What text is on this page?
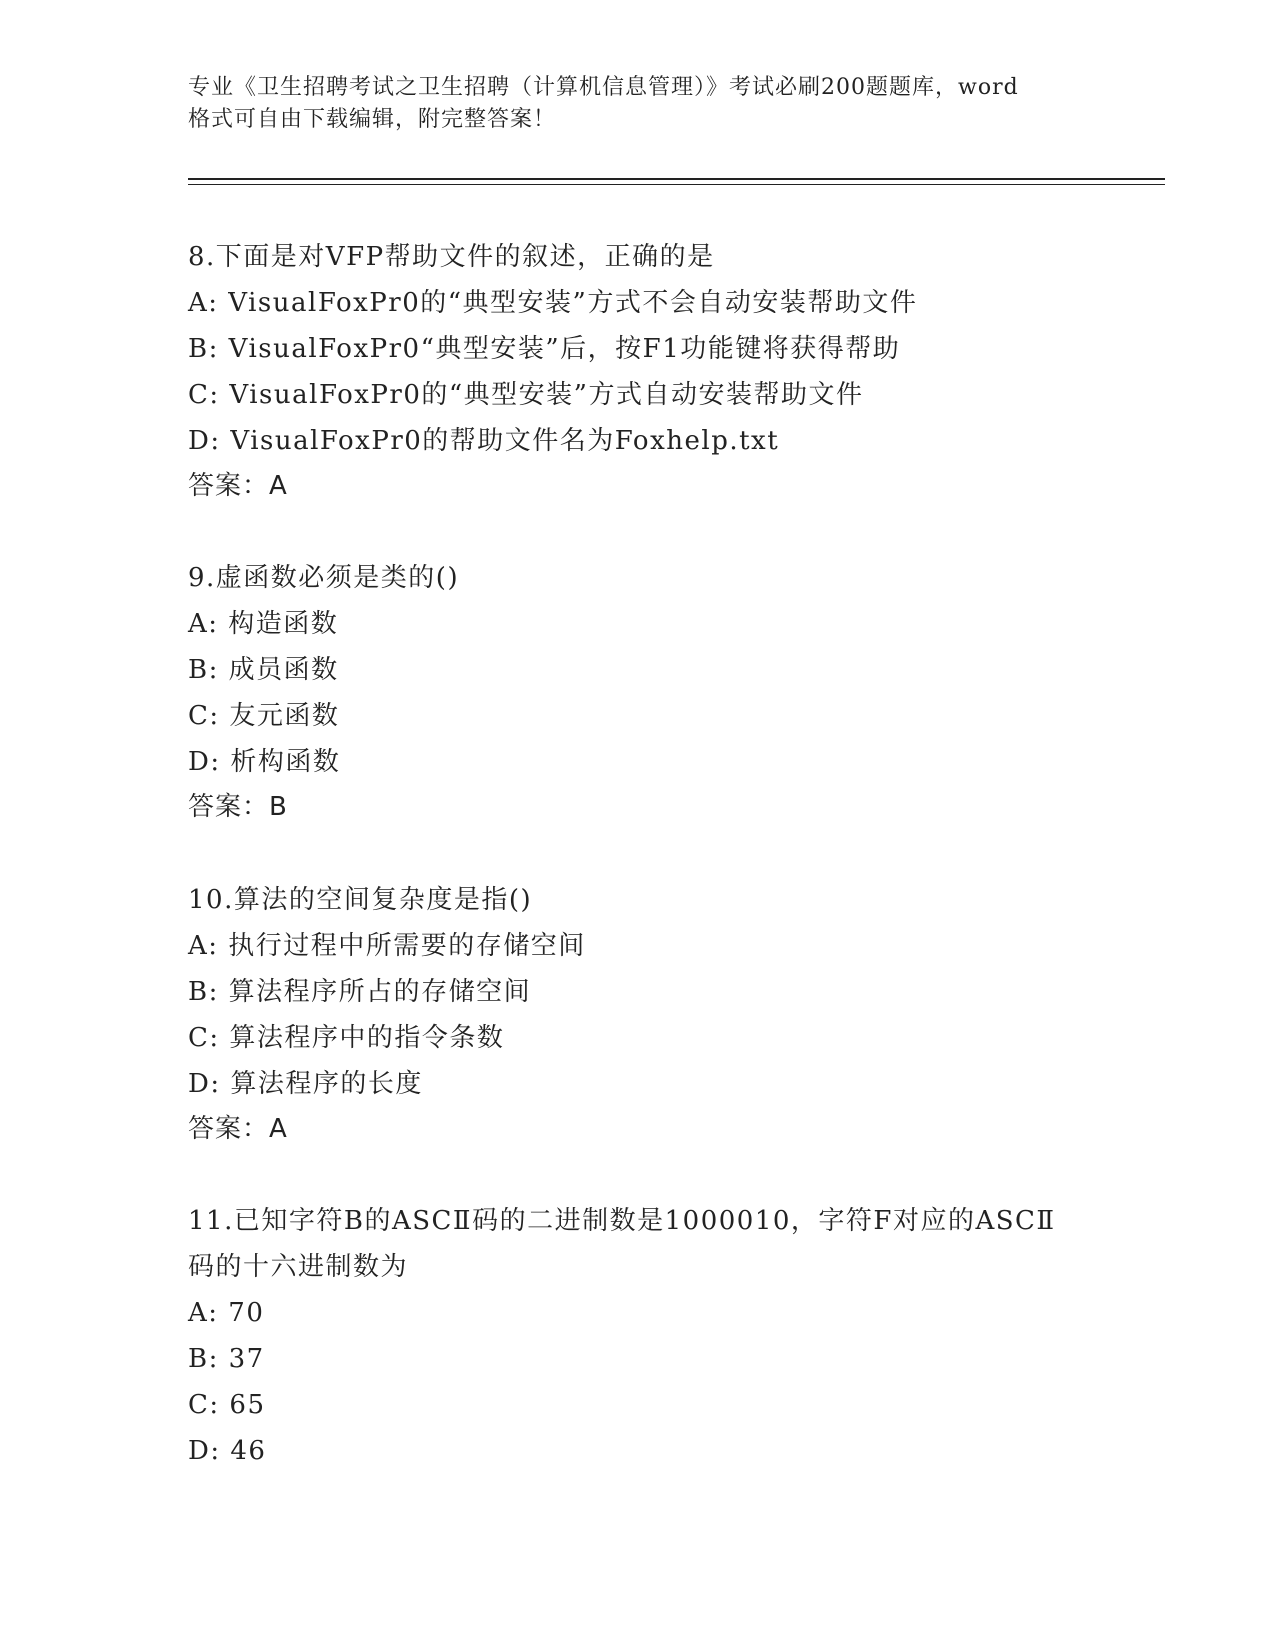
专业《卫生招聘考试之卫生招聘（计算机信息管理）》考试必刷200题题库，word
格式可自由下载编辑，附完整答案！
8.下面是对VFP帮助文件的叙述，正确的是
A: VisualFoxPr0的“典型安装”方式不会自动安装帮助文件
B: VisualFoxPr0“典型安装”后，按F1功能键将获得帮助
C: VisualFoxPr0的“典型安装”方式自动安装帮助文件
D: VisualFoxPr0的帮助文件名为Foxhelp.txt
答案：A
9.虚函数必须是类的()
A: 构造函数
B: 成员函数
C: 友元函数
D: 析构函数
答案：B
10.算法的空间复杂度是指()
A: 执行过程中所需要的存储空间
B: 算法程序所占的存储空间
C: 算法程序中的指令条数
D: 算法程序的长度
答案：A
11.已知字符B的ASCⅡ码的二进制数是1000010，字符F对应的ASCⅡ
码的十六进制数为
A: 70
B: 37
C: 65
D: 46
